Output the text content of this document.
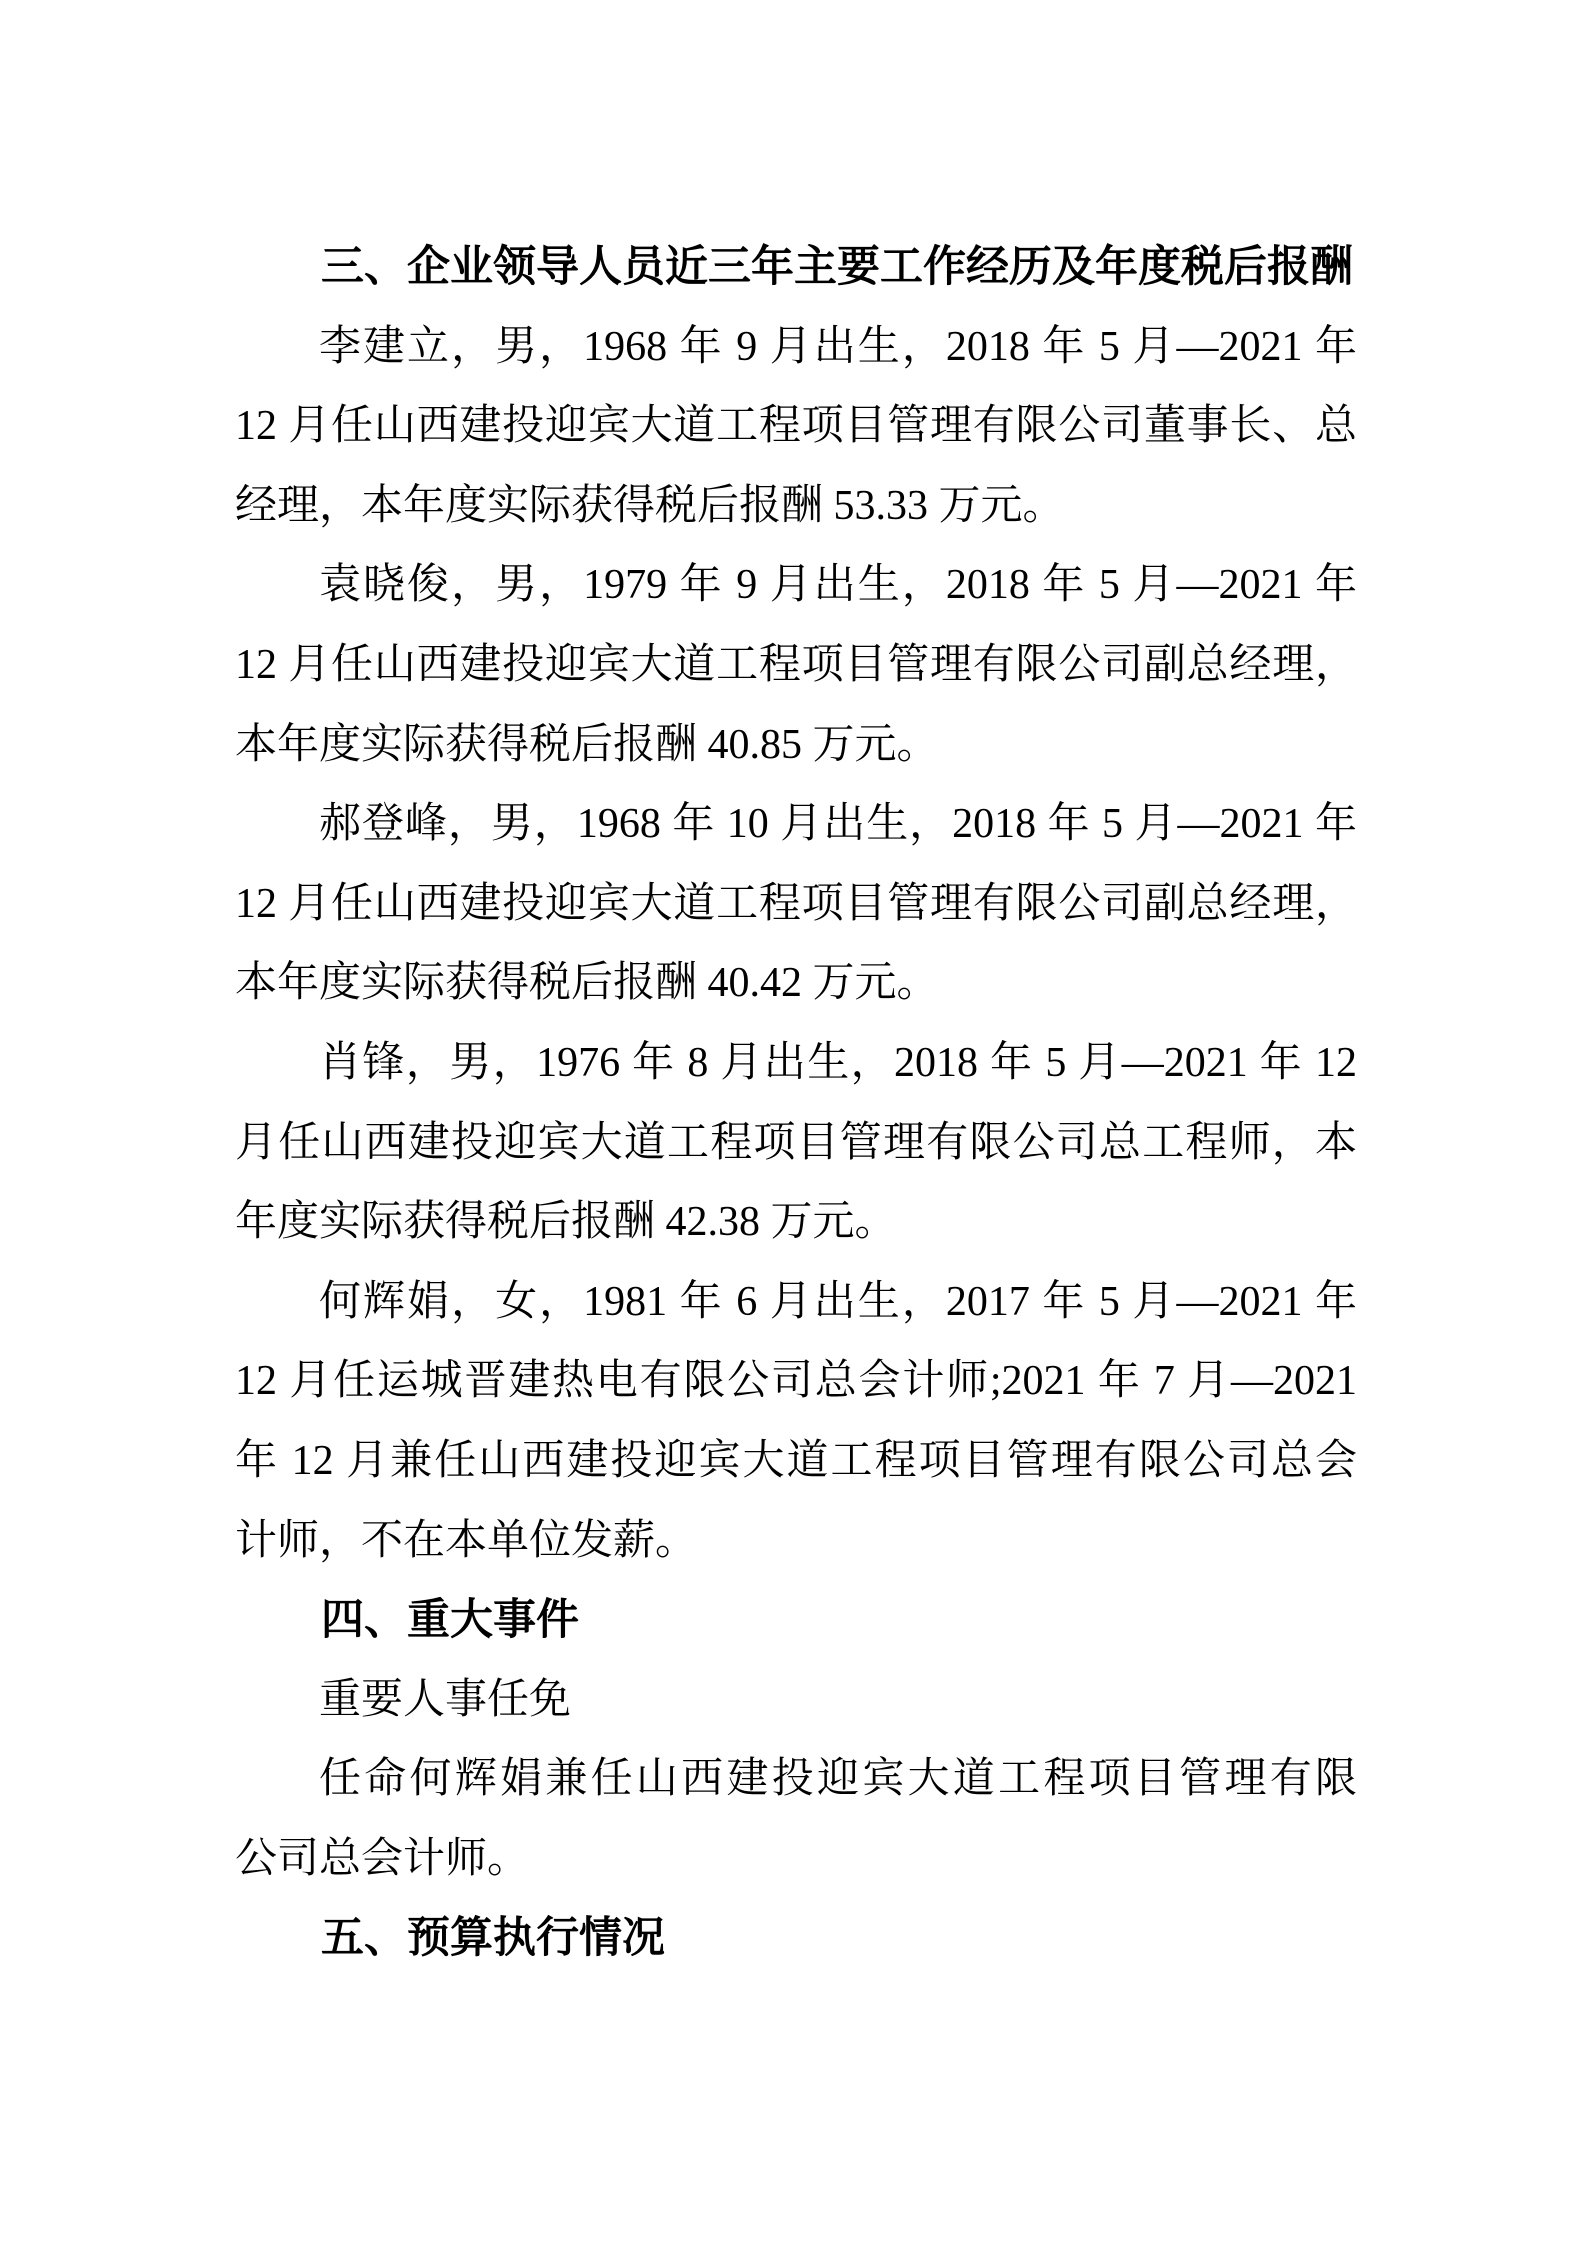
三、企业领导人员近三年主要工作经历及年度税后报酬
李建立，男，1968 年 9 月出生，2018 年 5 月—2021 年
12 月任山西建投迎宾大道工程项目管理有限公司董事长、总
经理，本年度实际获得税后报酬 53.33 万元。
袁晓俊，男，1979 年 9 月出生，2018 年 5 月—2021 年
12 月任山西建投迎宾大道工程项目管理有限公司副总经理，
本年度实际获得税后报酬 40.85 万元。
郝登峰，男，1968 年 10 月出生，2018 年 5 月—2021 年
12 月任山西建投迎宾大道工程项目管理有限公司副总经理，
本年度实际获得税后报酬 40.42 万元。
肖锋，男，1976 年 8 月出生，2018 年 5 月—2021 年 12
月任山西建投迎宾大道工程项目管理有限公司总工程师，本
年度实际获得税后报酬 42.38 万元。
何辉娟，女，1981 年 6 月出生，2017 年 5 月—2021 年
12 月任运城晋建热电有限公司总会计师;2021 年 7 月—2021
年 12 月兼任山西建投迎宾大道工程项目管理有限公司总会
计师，不在本单位发薪。
四、重大事件
重要人事任免
任命何辉娟兼任山西建投迎宾大道工程项目管理有限
公司总会计师。
五、预算执行情况
